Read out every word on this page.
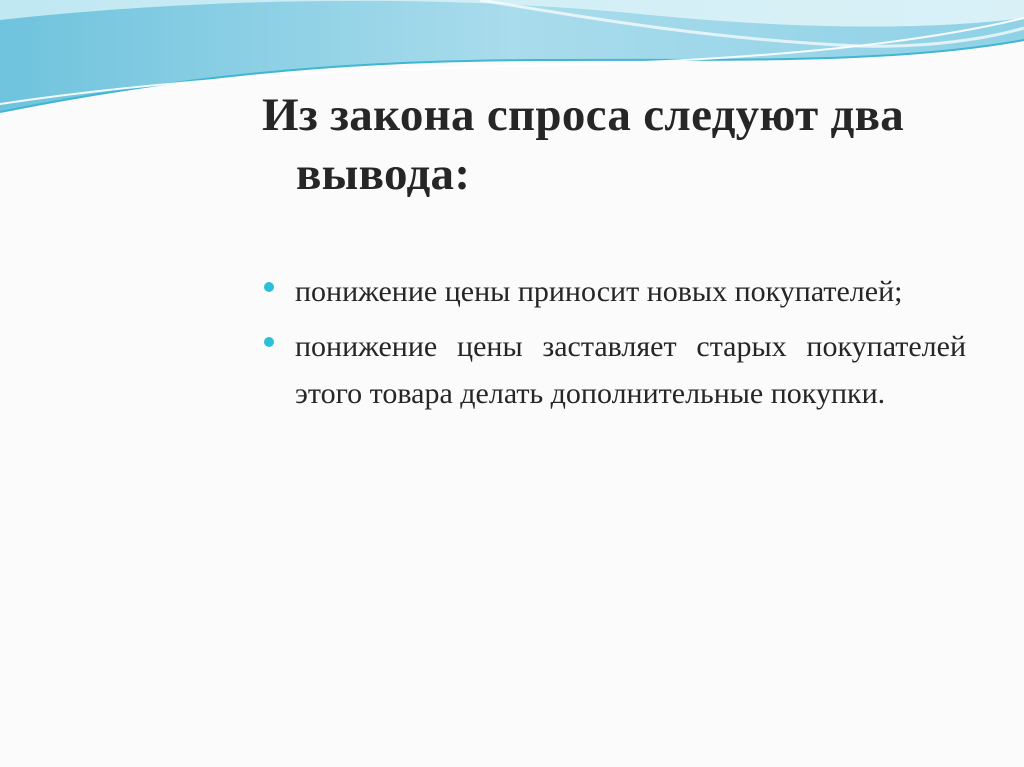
Из закона спроса следуют два
вывода:
понижение цены приносит новых покупателей;
понижение цены заставляет старых покупателей этого товара делать дополнительные покупки.
